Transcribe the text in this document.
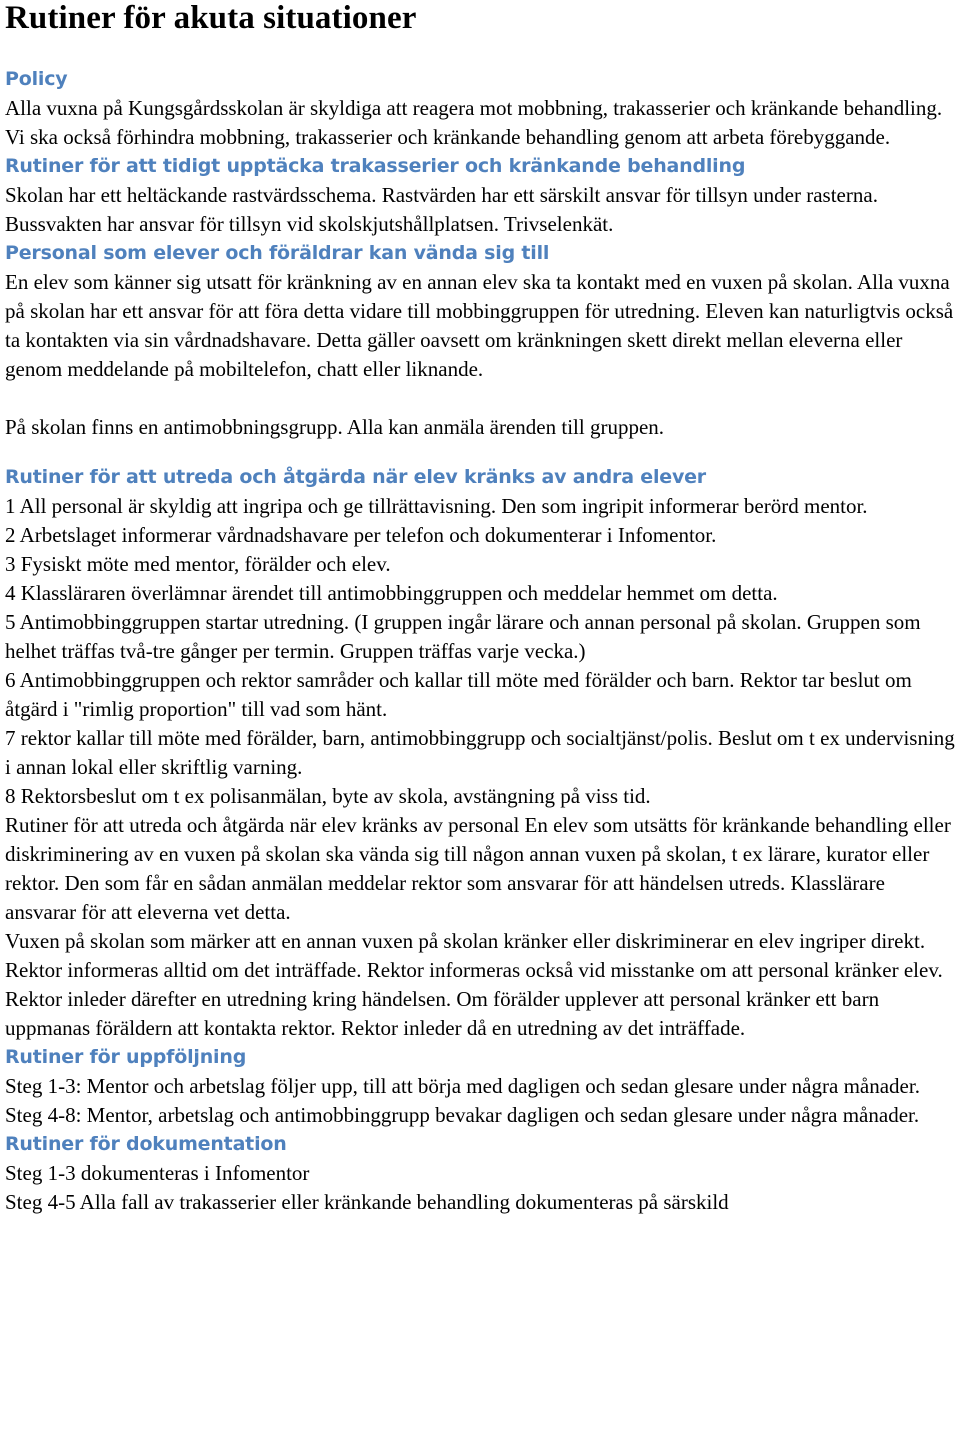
Rutiner för akuta situationer
Policy
Alla vuxna på Kungsgårdsskolan är skyldiga att reagera mot mobbning, trakasserier och kränkande behandling. Vi ska också förhindra mobbning, trakasserier och kränkande behandling genom att arbeta förebyggande.
Rutiner för att tidigt upptäcka trakasserier och kränkande behandling
Skolan har ett heltäckande rastvärdsschema. Rastvärden har ett särskilt ansvar för tillsyn under rasterna. Bussvakten har ansvar för tillsyn vid skolskjutshållplatsen. Trivselenkät.
Personal som elever och föräldrar kan vända sig till
En elev som känner sig utsatt för kränkning av en annan elev ska ta kontakt med en vuxen på skolan. Alla vuxna på skolan har ett ansvar för att föra detta vidare till mobbinggruppen för utredning. Eleven kan naturligtvis också ta kontakten via sin vårdnadshavare. Detta gäller oavsett om kränkningen skett direkt mellan eleverna eller genom meddelande på mobiltelefon, chatt eller liknande.
På skolan finns en antimobbningsgrupp. Alla kan anmäla ärenden till gruppen.
Rutiner för att utreda och åtgärda när elev kränks av andra elever
1 All personal är skyldig att ingripa och ge tillrättavisning. Den som ingripit informerar berörd mentor.
2 Arbetslaget informerar vårdnadshavare per telefon och dokumenterar i Infomentor.
3 Fysiskt möte med mentor, förälder och elev.
4 Klassläraren överlämnar ärendet till antimobbinggruppen och meddelar hemmet om detta.
5 Antimobbinggruppen startar utredning. (I gruppen ingår lärare och annan personal på skolan. Gruppen som helhet träffas två-tre gånger per termin. Gruppen träffas varje vecka.)
6 Antimobbinggruppen och rektor samråder och kallar till möte med förälder och barn. Rektor tar beslut om åtgärd i "rimlig proportion" till vad som hänt.
7 rektor kallar till möte med förälder, barn, antimobbinggrupp och socialtjänst/polis. Beslut om t ex undervisning i annan lokal eller skriftlig varning.
8 Rektorsbeslut om t ex polisanmälan, byte av skola, avstängning på viss tid.
Rutiner för att utreda och åtgärda när elev kränks av personal En elev som utsätts för kränkande behandling eller diskriminering av en vuxen på skolan ska vända sig till någon annan vuxen på skolan, t ex lärare, kurator eller rektor. Den som får en sådan anmälan meddelar rektor som ansvarar för att händelsen utreds. Klasslärare ansvarar för att eleverna vet detta.
Vuxen på skolan som märker att en annan vuxen på skolan kränker eller diskriminerar en elev ingriper direkt. Rektor informeras alltid om det inträffade. Rektor informeras också vid misstanke om att personal kränker elev. Rektor inleder därefter en utredning kring händelsen. Om förälder upplever att personal kränker ett barn uppmanas föräldern att kontakta rektor. Rektor inleder då en utredning av det inträffade.
Rutiner för uppföljning
Steg 1-3: Mentor och arbetslag följer upp, till att börja med dagligen och sedan glesare under några månader.
Steg 4-8: Mentor, arbetslag och antimobbinggrupp bevakar dagligen och sedan glesare under några månader.
Rutiner för dokumentation
Steg 1-3 dokumenteras i Infomentor
Steg 4-5 Alla fall av trakasserier eller kränkande behandling dokumenteras på särskild
